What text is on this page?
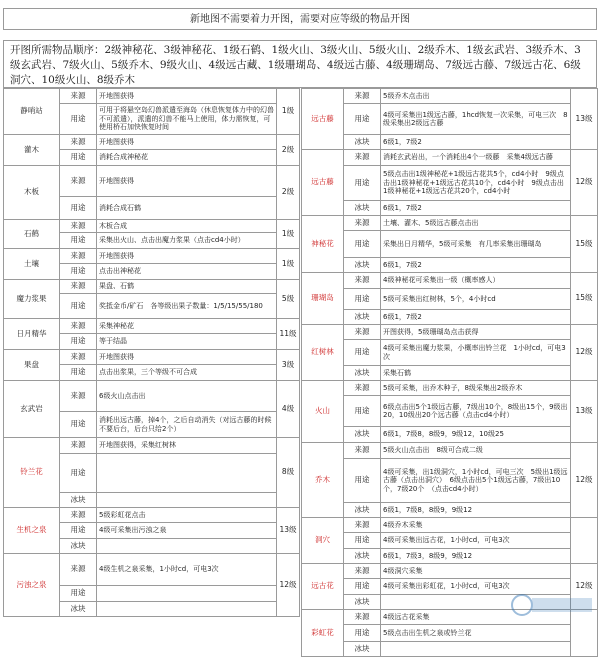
新地图不需要着力开图，需要对应等级的物品开图
开图所需物品顺序：2级神秘花、3级神秘花、1级石鹤、1级火山、3级火山、5级火山、2级乔木、1级玄武岩、3级乔木、3级玄武岩、7级火山、5级乔木、9级火山、4级远古藏、1级珊瑚岛、4级远古藤、4级珊瑚岛、7级远古藤、7级远古花、6级洞穴、10级火山、8级乔木
静哨站	来源	开地图获得	1级
	用途	可用于将悬空岛幻兽派遣至海岛（休息恢复体力中的幻兽不可派遣），派遣的幻兽不能马上使用，体力需恢复，可使用桥石加快恢复时间	
灌木	来源	开地图获得	2级
	用途	消耗合成神秘花	
木板	来源	开地图获得	2级
	用途	消耗合成石鹤	
石鹤	来源	木板合成	1级
	用途	采集出火山、点击出魔力浆果（点击cd4小时）	
土壤	来源	开地图获得	1级
	用途	点击出神秘花	
魔力浆果	来源	果盘、石鹤	5级
	用途	奖抵金币/矿石　各等级出果子数量：1/5/15/55/180	
日月精华	来源	采集神秘花	11级
	用途	等于结晶	
果盘	来源	开地图获得	3级
	用途	点击出浆果，三个等级不可合成	
玄武岩	来源	6级火山点击出	4级
	用途	消耗出远古藤，掉4个，之后自动消失（对远古藤的时候不要后台，后台只给2个）	
铃兰花	来源	开地图获得，采集红树林	8级
	用途		
	冰块		
生机之泉	来源	5级彩虹花点击	13级
	用途	4级可采集出污浊之泉	
	冰块		
污浊之泉	来源	4级生机之泉采集，1小时cd，可电3次	12级
	用途		
	冰块		
远古藤	来源	5级乔木点击出	13级
	用途	4级可采集出1级远古藤，1hcd恢复一次采集，可电三次　8级采集出2级远古藤	
	冰块	6级1，7级2	
远古藤	来源	消耗玄武岩出，一个消耗出4个一级藤　采集4级远古藤	12级
	用途	5级点击出1级神秘花+1级远古花共5个，cd4小时　9级点击出1级神秘花+1级远古花共10个，cd4小时　9级点击出1级神秘花+1级远古花共20个，cd4小时	
	冰块	6级1，7级2	
神秘花	来源	土壤、灌木、5级远古藤点击出	15级
	用途	采集出日月精华，5级可采集　有几率采集出珊瑚岛	
	冰块	6级1，7级2	
珊瑚岛	来源	4级神秘花可采集出一级（概率感人）	15级
	用途	5级可采集出红树林，5个，4小时cd	
	冰块	6级1，7级2	
红树林	来源	开图获得，5级珊瑚岛点击获得	12级
	用途	4级可采集出魔力浆果，小概率出铃兰花　1小时cd，可电3次	
	冰块	采集石鹤	
火山	来源	5级可采集，出乔木种子，8级采集出2级乔木	13级
	用途	6级点击出5个1级远古藤，7级出10个，8级出15个，9级出20，10级出20个远古藤（点击cd4小时）	
	冰块	6级1，7级8，8级9，9级12，10级25	
乔木	来源	5级火山点击出　8级可合成二级	12级
	用途	4级可采集，出1级洞穴，1小时cd，可电三次　5级出1级远古藤（点击出洞穴）　6级点击出5个1级远古藤，7级出10个，7级20个　（点击cd4小时）	
	冰块	6级1，7级8，8级9，9级12	
洞穴	来源	4级乔木采集	
	用途	4级可采集出远古花，1小时cd，可电3次	
	冰块	6级1，7级3，8级9，9级12	
远古花	来源	4级洞穴采集	12级
	用途	4级可采集出彩虹花，1小时cd，可电3次	
	冰块		
彩虹花	来源	4级远古花采集	
	用途	5级点击出生机之泉或铃兰花	
	冰块		
